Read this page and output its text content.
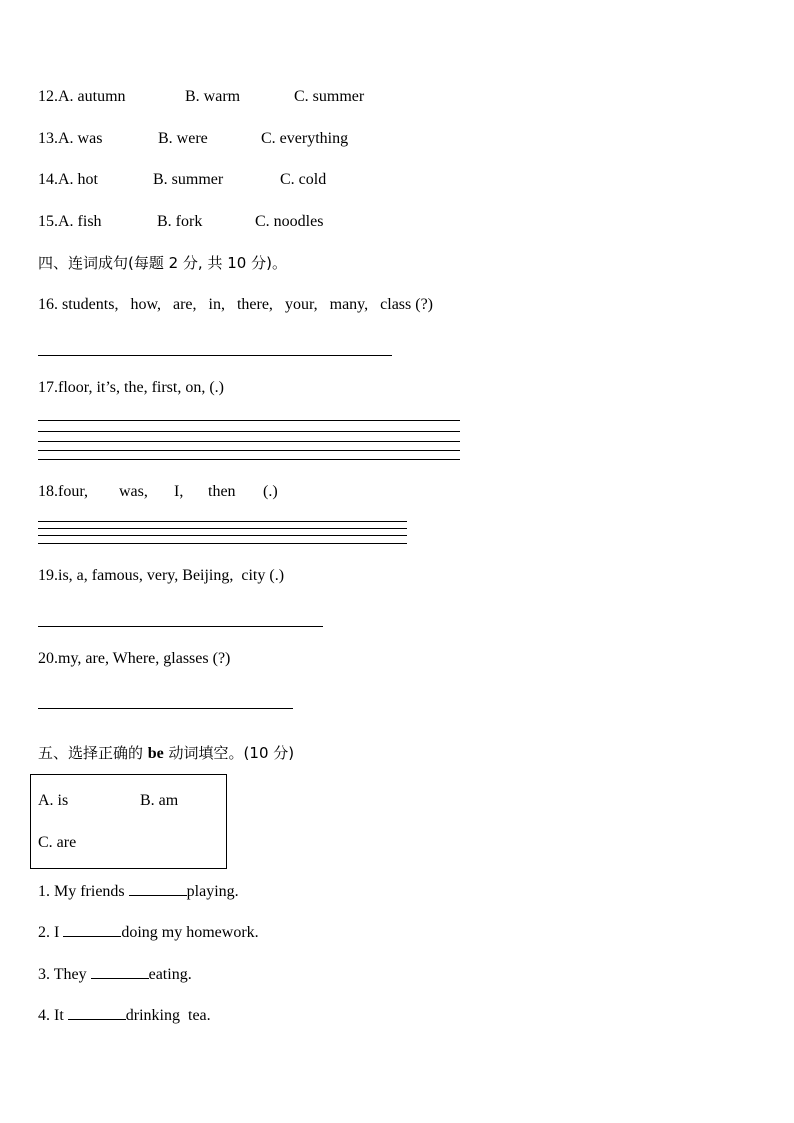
12.A. autumn	B. warm	C. summer
13.A. was	B. were	C. everything
14.A. hot	B. summer	C. cold
15.A. fish	B. fork	C. noodles
四、连词成句(每题 2 分, 共 10 分)。
16. students, how, are, in, there, your, many, class (?)
17.floor, it’s, the, first, on, (.)
18.four, was, I, then (.)
19.is, a, famous, very, Beijing,  city (.)
20.my, are, Where, glasses (?)
五、选择正确的 be 动词填空。(10 分)
A. is	B. am
C. are
1. My friends	playing.
2. I	doing my homework.
3. They	eating.
4. It	drinking  tea.
